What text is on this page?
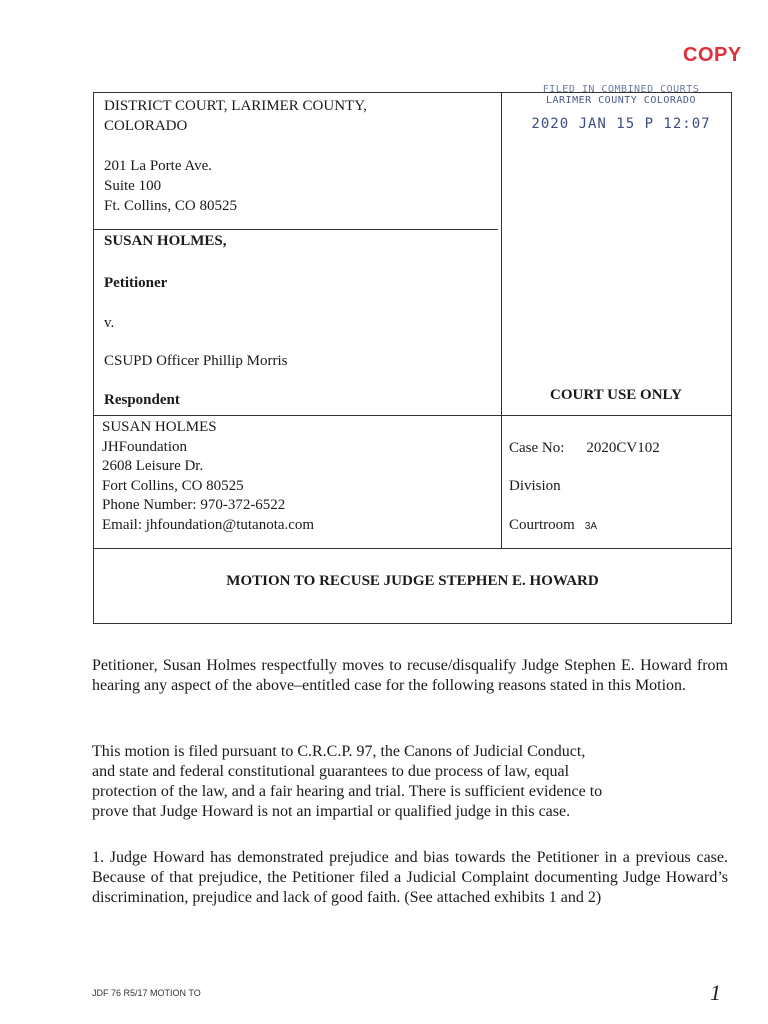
COPY
FILED IN COMBINED COURTS
LARIMER COUNTY COLORADO
2020 JAN 15 P 12:07
DISTRICT COURT, LARIMER COUNTY,
COLORADO
201 La Porte Ave.
Suite 100
Ft. Collins, CO 80525
SUSAN HOLMES,
Petitioner
v.
CSUPD Officer Phillip Morris
Respondent	COURT USE ONLY
SUSAN HOLMES
JHFoundation
2608 Leisure Dr.
Fort Collins, CO 80525
Phone Number: 970-372-6522
Email: jhfoundation@tutanota.com
Case No: 2020CV102
Division
Courtroom 3A
MOTION TO RECUSE JUDGE STEPHEN E. HOWARD
Petitioner, Susan Holmes respectfully moves to recuse/disqualify Judge Stephen E. Howard from hearing any aspect of the above–entitled case for the following reasons stated in this Motion.
This motion is filed pursuant to C.R.C.P. 97, the Canons of Judicial Conduct,
and state and federal constitutional guarantees to due process of law, equal
protection of the law, and a fair hearing and trial. There is sufficient evidence to
prove that Judge Howard is not an impartial or qualified judge in this case.
1. Judge Howard has demonstrated prejudice and bias towards the Petitioner in a previous case. Because of that prejudice, the Petitioner filed a Judicial Complaint documenting Judge Howard’s discrimination, prejudice and lack of good faith. (See attached exhibits 1 and 2)
JDF 76 R5/17 MOTION TO	1
